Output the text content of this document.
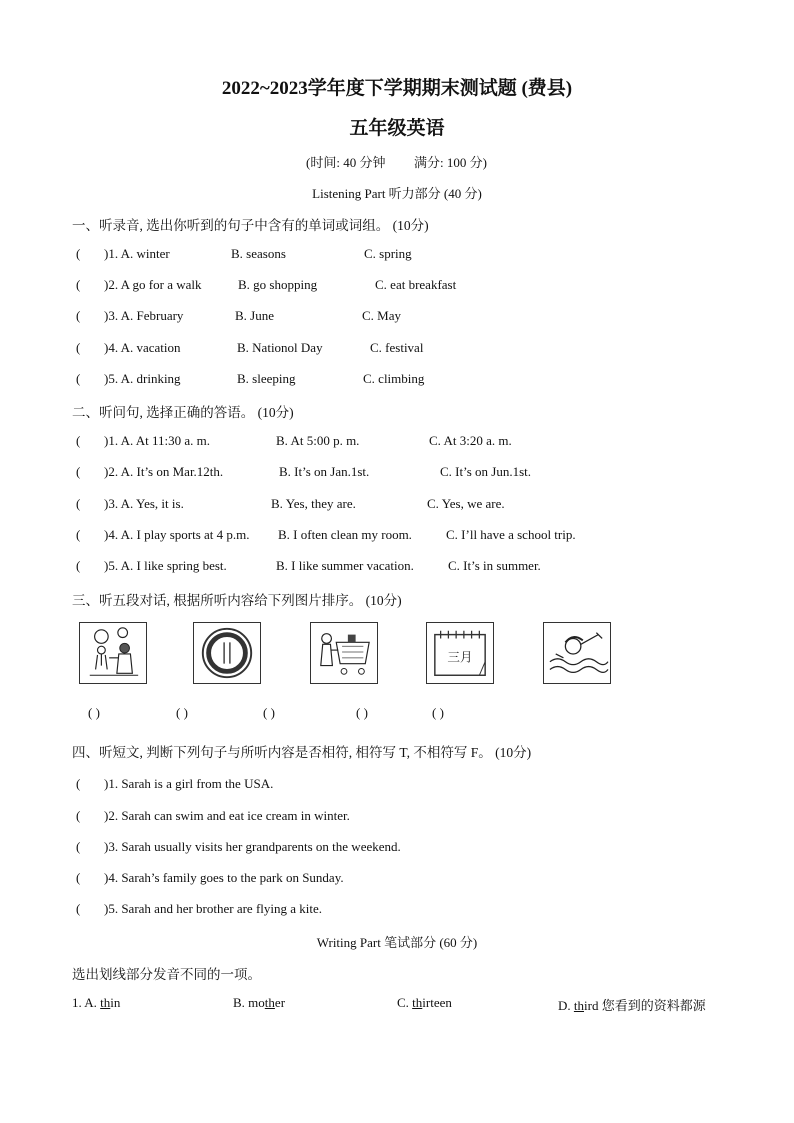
2022~2023学年度下学期期末测试题 (费县)
五年级英语
(时间: 40 分钟 满分: 100 分)
Listening Part 听力部分 (40 分)
一、听录音, 选出你听到的句子中含有的单词或词组。 (10分)
( )1. A. winter	B. seasons	C. spring
( )2. A go for a walk	B. go shopping	C. eat breakfast
( )3. A. February	B. June	C. May
( )4. A. vacation	B. Nationol Day	C. festival
( )5. A. drinking	B. sleeping	C. climbing
二、听问句, 选择正确的答语。 (10分)
( )1. A. At 11:30 a. m.	B. At 5:00 p. m.	C. At 3:20 a. m.
( )2. A. It’s on Mar.12th.	B. It’s on Jan.1st.	C. It’s on Jun.1st.
( )3. A. Yes, it is.	B. Yes, they are.	C. Yes, we are.
( )4. A. I play sports at 4 p.m. B. I often clean my room.	C. I’ll have a school trip.
( )5. A. I like spring best.	B. I like summer vacation.	C. It’s in summer.
三、听五段对话, 根据所听内容给下列图片排序。 (10分)
三月
( )	( )	( )	( )	( )
四、听短文, 判断下列句子与所听内容是否相符, 相符写 T, 不相符写 F。 (10分)
( )1. Sarah is a girl from the USA.
( )2. Sarah can swim and eat ice cream in winter.
( )3. Sarah usually visits her grandparents on the weekend.
( )4. Sarah’s family goes to the park on Sunday.
( )5. Sarah and her brother are flying a kite.
Writing Part 笔试部分 (60 分)
选出划线部分发音不同的一项。
1. A. thin	B. mother	C. thirteen	D. third 您看到的资料都源
